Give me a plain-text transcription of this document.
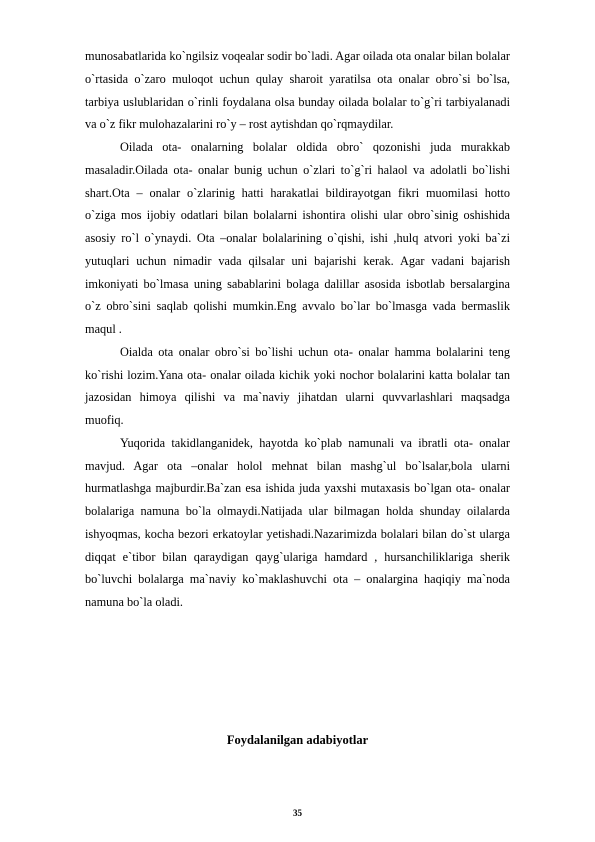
munosabatlarida ko`ngilsiz voqealar sodir bo`ladi. Agar oilada ota onalar bilan bolalar o`rtasida o`zaro muloqot uchun qulay sharoit yaratilsa ota onalar obro`si bo`lsa, tarbiya uslublaridan o`rinli foydalana olsa bunday oilada bolalar to`g`ri tarbiyalanadi va o`z fikr mulohazalarini ro`y – rost aytishdan qo`rqmaydilar.

Oilada ota- onalarning bolalar oldida obro` qozonishi juda murakkab masaladir.Oilada ota- onalar bunig uchun o`zlari to`g`ri halaol va adolatli bo`lishi shart.Ota – onalar o`zlarinig hatti harakatlai bildirayotgan fikri muomilasi hotto o`ziga mos ijobiy odatlari bilan bolalarni ishontira olishi ular obro`sinig oshishida asosiy ro`l o`ynaydi. Ota –onalar bolalarining o`qishi, ishi ,hulq atvori yoki ba`zi yutuqlari uchun nimadir vada qilsalar uni bajarishi kerak. Agar vadani bajarish imkoniyati bo`lmasa uning sabablarini bolaga dalillar asosida isbotlab bersalargina o`z obro`sini saqlab qolishi mumkin.Eng avvalo bo`lar bo`lmasga vada bermaslik maqul .

Oialda ota onalar obro`si bo`lishi uchun ota- onalar hamma bolalarini teng ko`rishi lozim.Yana ota- onalar oilada kichik yoki nochor bolalarini katta bolalar tan jazosidan himoya qilishi va ma`naviy jihatdan ularni quvvarlashlari maqsadga muofiq.

Yuqorida takidlanganidek, hayotda ko`plab namunali va ibratli ota- onalar mavjud. Agar ota –onalar holol mehnat bilan mashg`ul bo`lsalar,bola ularni hurmatlashga majburdir.Ba`zan esa ishida juda yaxshi mutaxasis bo`lgan ota- onalar bolalariga namuna bo`la olmaydi.Natijada ular bilmagan holda shunday oilalarda ishyoqmas, kocha bezori erkatoylar yetishadi.Nazarimizda bolalari bilan do`st ularga diqqat e`tibor bilan qaraydigan qayg`ulariga hamdard , hursanchiliklariga sherik bo`luvchi bolalarga ma`naviy ko`maklashuvchi ota – onalargina haqiqiy ma`noda namuna bo`la oladi.

Foydalanilgan adabiyotlar
35
